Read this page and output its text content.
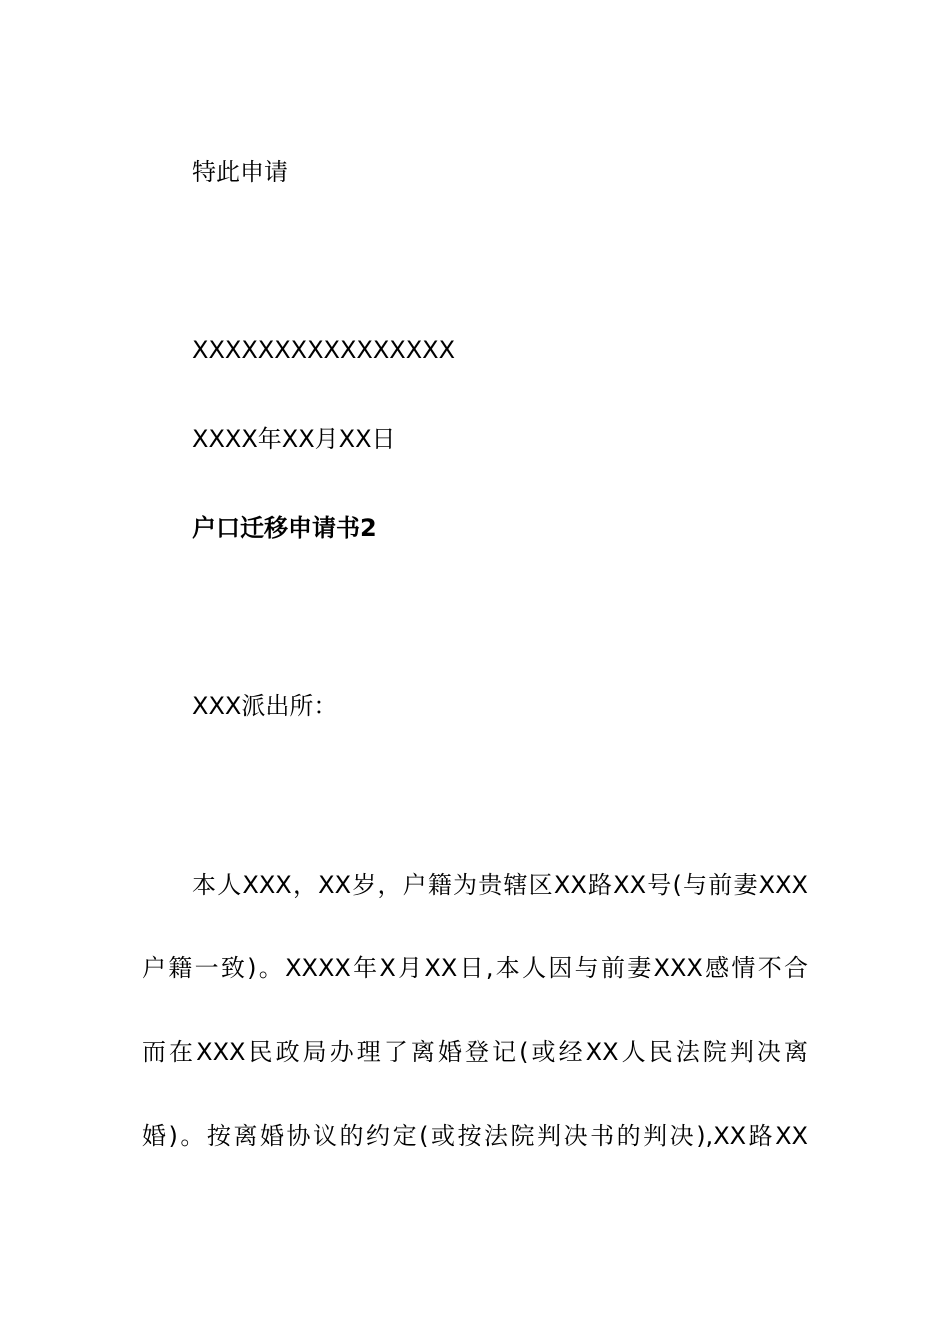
特此申请
XXXXXXXXXXXXXXXX
XXXX年XX月XX日
户口迁移申请书2
XXX派出所：
本人XXX，XX岁，户籍为贵辖区XX路XX号(与前妻XXX
户籍一致)。XXXX年X月XX日,本人因与前妻XXX感情不合
而在XXX民政局办理了离婚登记(或经XX人民法院判决离
婚)。按离婚协议的约定(或按法院判决书的判决),XX路XX
